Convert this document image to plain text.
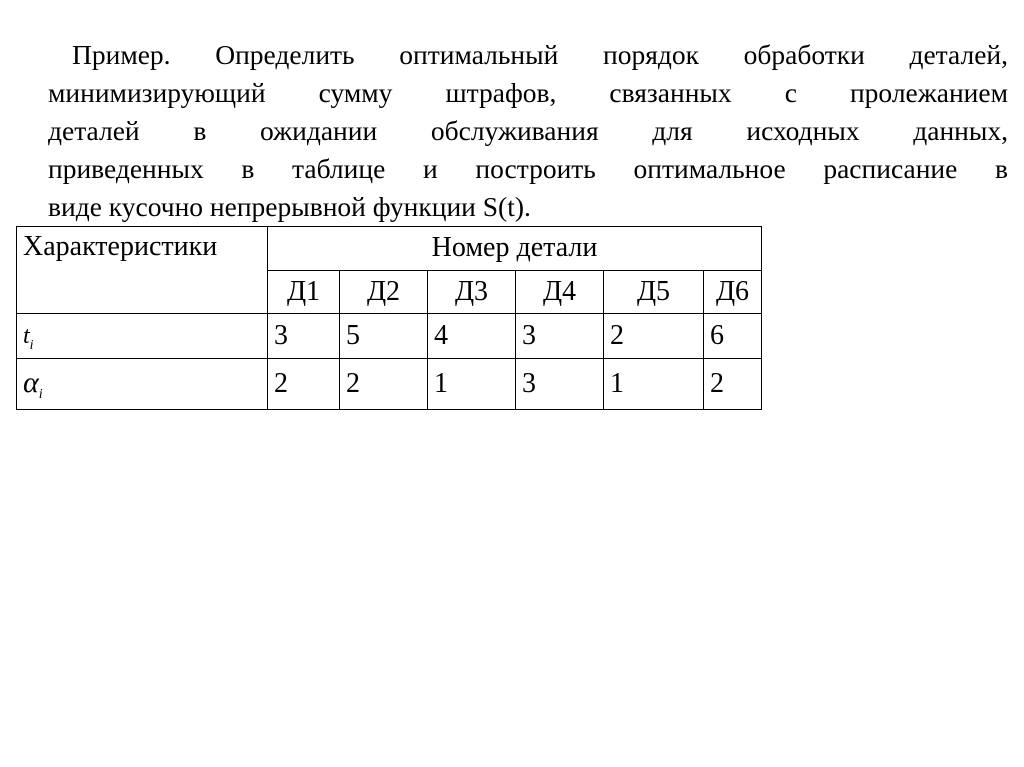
Пример. Определить оптимальный порядок обработки деталей,
минимизирующий сумму штрафов, связанных с пролежанием
деталей в ожидании обслуживания для исходных данных,
приведенных в таблице и построить оптимальное расписание в
виде кусочно непрерывной функции S(t).

Характеристики	Номер детали					
	Д1	Д2	Д3	Д4	Д5	Д6
$t_i$	3	5	4	3	2	6
$\alpha_i$	2	2	1	3	1	2
